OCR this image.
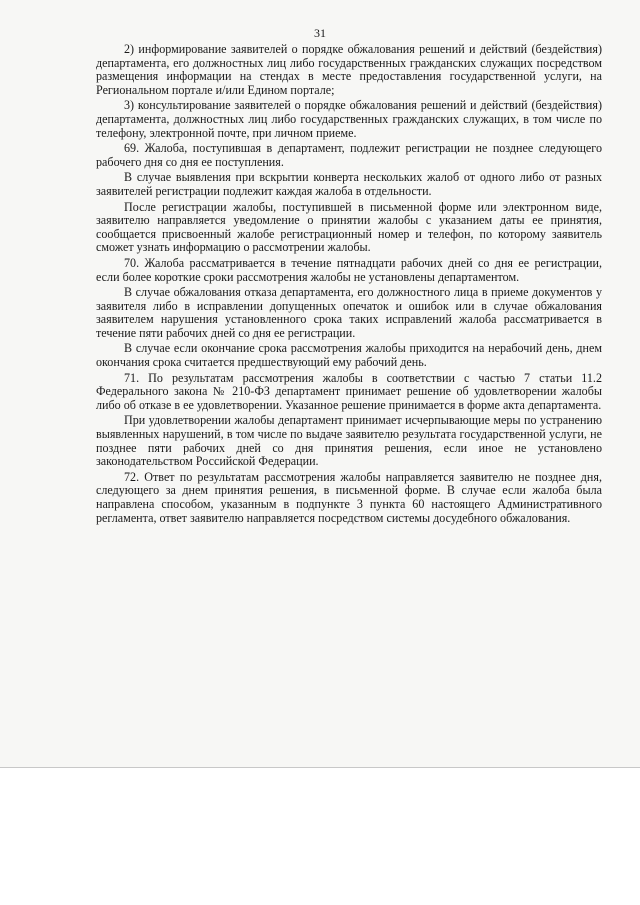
31

2) информирование заявителей о порядке обжалования решений и действий (бездействия) департамента, его должностных лиц либо государственных гражданских служащих посредством размещения информации на стендах в месте предоставления государственной услуги, на Региональном портале и/или Едином портале;

3) консультирование заявителей о порядке обжалования решений и действий (бездействия) департамента, должностных лиц либо государственных гражданских служащих, в том числе по телефону, электронной почте, при личном приеме.

69. Жалоба, поступившая в департамент, подлежит регистрации не позднее следующего рабочего дня со дня ее поступления.

В случае выявления при вскрытии конверта нескольких жалоб от одного либо от разных заявителей регистрации подлежит каждая жалоба в отдельности.

После регистрации жалобы, поступившей в письменной форме или электронном виде, заявителю направляется уведомление о принятии жалобы с указанием даты ее принятия, сообщается присвоенный жалобе регистрационный номер и телефон, по которому заявитель сможет узнать информацию о рассмотрении жалобы.

70. Жалоба рассматривается в течение пятнадцати рабочих дней со дня ее регистрации, если более короткие сроки рассмотрения жалобы не установлены департаментом.

В случае обжалования отказа департамента, его должностного лица в приеме документов у заявителя либо в исправлении допущенных опечаток и ошибок или в случае обжалования заявителем нарушения установленного срока таких исправлений жалоба рассматривается в течение пяти рабочих дней со дня ее регистрации.

В случае если окончание срока рассмотрения жалобы приходится на нерабочий день, днем окончания срока считается предшествующий ему рабочий день.

71. По результатам рассмотрения жалобы в соответствии с частью 7 статьи 11.2 Федерального закона № 210-ФЗ департамент принимает решение об удовлетворении жалобы либо об отказе в ее удовлетворении. Указанное решение принимается в форме акта департамента.

При удовлетворении жалобы департамент принимает исчерпывающие меры по устранению выявленных нарушений, в том числе по выдаче заявителю результата государственной услуги, не позднее пяти рабочих дней со дня принятия решения, если иное не установлено законодательством Российской Федерации.

72. Ответ по результатам рассмотрения жалобы направляется заявителю не позднее дня, следующего за днем принятия решения, в письменной форме. В случае если жалоба была направлена способом, указанным в подпункте 3 пункта 60 настоящего Административного регламента, ответ заявителю направляется посредством системы досудебного обжалования.
